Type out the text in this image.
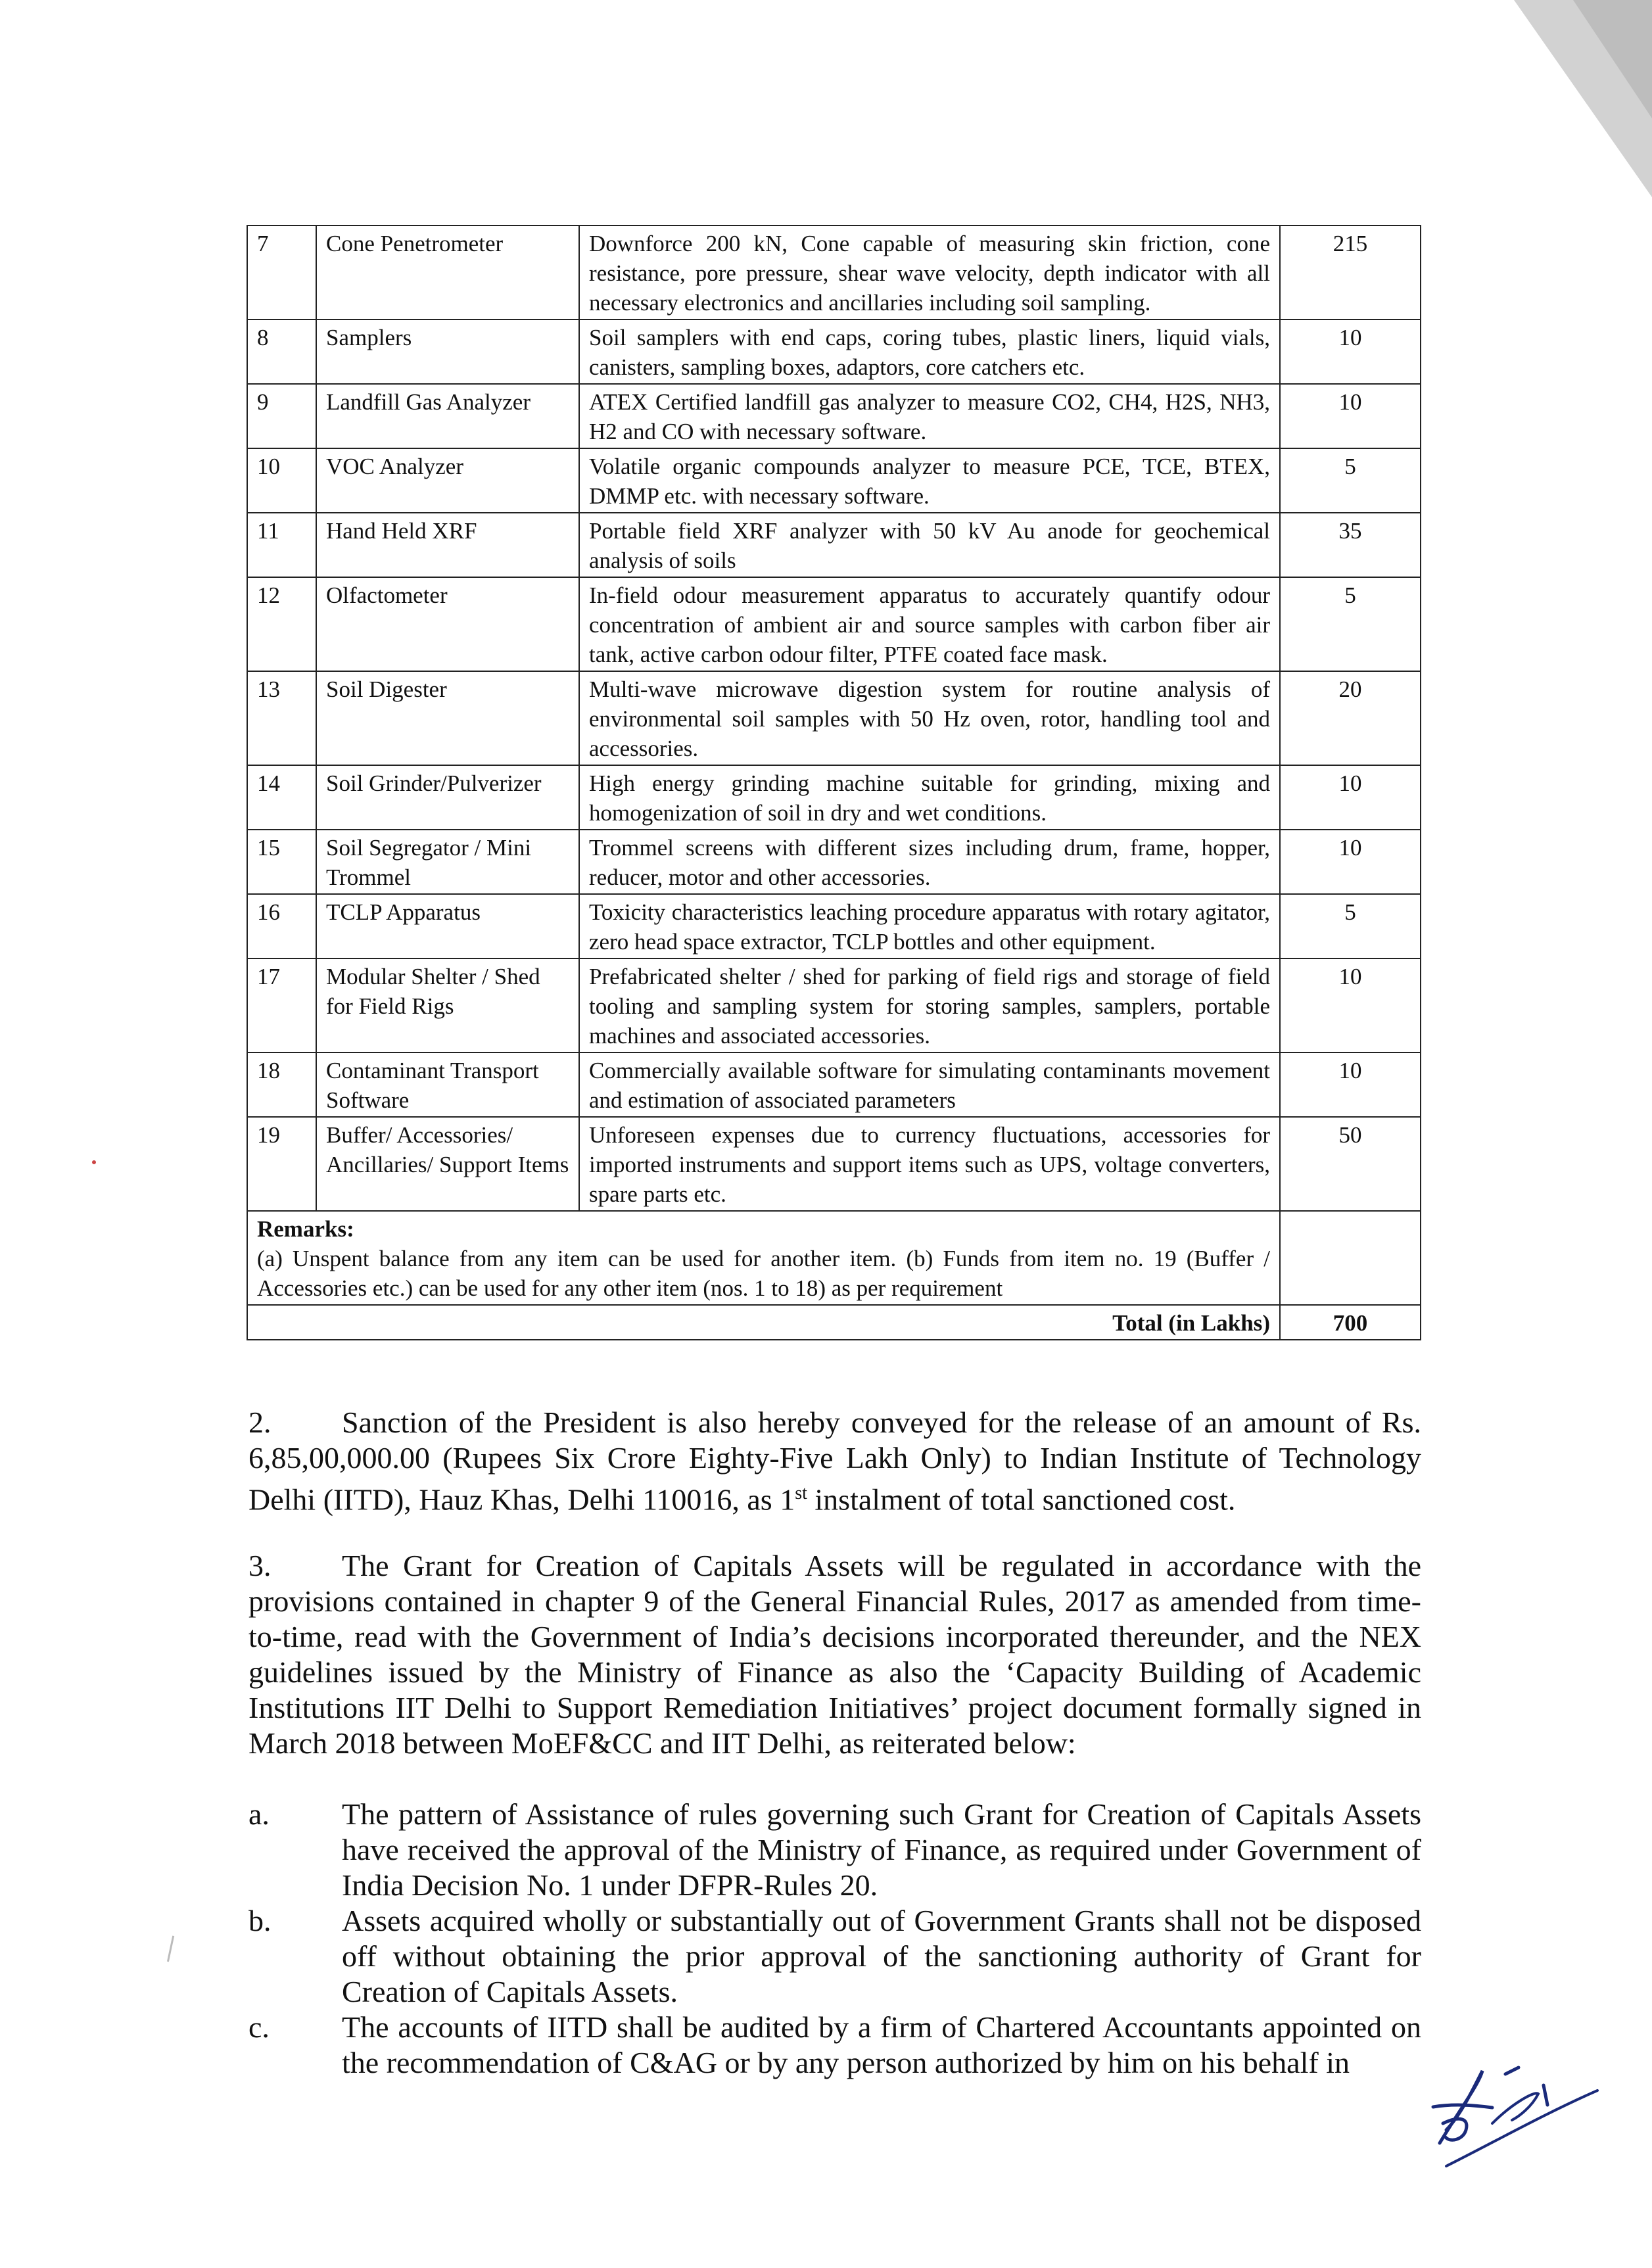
7	Cone Penetrometer	Downforce 200 kN, Cone capable of measuring skin friction, cone resistance, pore pressure, shear wave velocity, depth indicator with all necessary electronics and ancillaries including soil sampling.	215
8	Samplers	Soil samplers with end caps, coring tubes, plastic liners, liquid vials, canisters, sampling boxes, adaptors, core catchers etc.	10
9	Landfill Gas Analyzer	ATEX Certified landfill gas analyzer to measure CO2, CH4, H2S, NH3, H2 and CO with necessary software.	10
10	VOC Analyzer	Volatile organic compounds analyzer to measure PCE, TCE, BTEX, DMMP etc. with necessary software.	5
11	Hand Held XRF	Portable field XRF analyzer with 50 kV Au anode for geochemical analysis of soils	35
12	Olfactometer	In-field odour measurement apparatus to accurately quantify odour concentration of ambient air and source samples with carbon fiber air tank, active carbon odour filter, PTFE coated face mask.	5
13	Soil Digester	Multi-wave microwave digestion system for routine analysis of environmental soil samples with 50 Hz oven, rotor, handling tool and accessories.	20
14	Soil Grinder/Pulverizer	High energy grinding machine suitable for grinding, mixing and homogenization of soil in dry and wet conditions.	10
15	Soil Segregator / Mini Trommel	Trommel screens with different sizes including drum, frame, hopper, reducer, motor and other accessories.	10
16	TCLP Apparatus	Toxicity characteristics leaching procedure apparatus with rotary agitator, zero head space extractor, TCLP bottles and other equipment.	5
17	Modular Shelter / Shed for Field Rigs	Prefabricated shelter / shed for parking of field rigs and storage of field tooling and sampling system for storing samples, samplers, portable machines and associated accessories.	10
18	Contaminant Transport Software	Commercially available software for simulating contaminants movement and estimation of associated parameters	10
19	Buffer/ Accessories/ Ancillaries/ Support Items	Unforeseen expenses due to currency fluctuations, accessories for imported instruments and support items such as UPS, voltage converters, spare parts etc.	50

Remarks:
(a) Unspent balance from any item can be used for another item. (b) Funds from item no. 19 (Buffer / Accessories etc.) can be used for any other item (nos. 1 to 18) as per requirement			

Total (in Lakhs)			700
2. Sanction of the President is also hereby conveyed for the release of an amount of Rs. 6,85,00,000.00 (Rupees Six Crore Eighty-Five Lakh Only) to Indian Institute of Technology Delhi (IITD), Hauz Khas, Delhi 110016, as 1st instalment of total sanctioned cost.
3. The Grant for Creation of Capitals Assets will be regulated in accordance with the provisions contained in chapter 9 of the General Financial Rules, 2017 as amended from time-to-time, read with the Government of India’s decisions incorporated thereunder, and the NEX guidelines issued by the Ministry of Finance as also the ‘Capacity Building of Academic Institutions IIT Delhi to Support Remediation Initiatives’ project document formally signed in March 2018 between MoEF&CC and IIT Delhi, as reiterated below:
a. The pattern of Assistance of rules governing such Grant for Creation of Capitals Assets have received the approval of the Ministry of Finance, as required under Government of India Decision No. 1 under DFPR-Rules 20.
b. Assets acquired wholly or substantially out of Government Grants shall not be disposed off without obtaining the prior approval of the sanctioning authority of Grant for Creation of Capitals Assets.
c. The accounts of IITD shall be audited by a firm of Chartered Accountants appointed on the recommendation of C&AG or by any person authorized by him on his behalf in
